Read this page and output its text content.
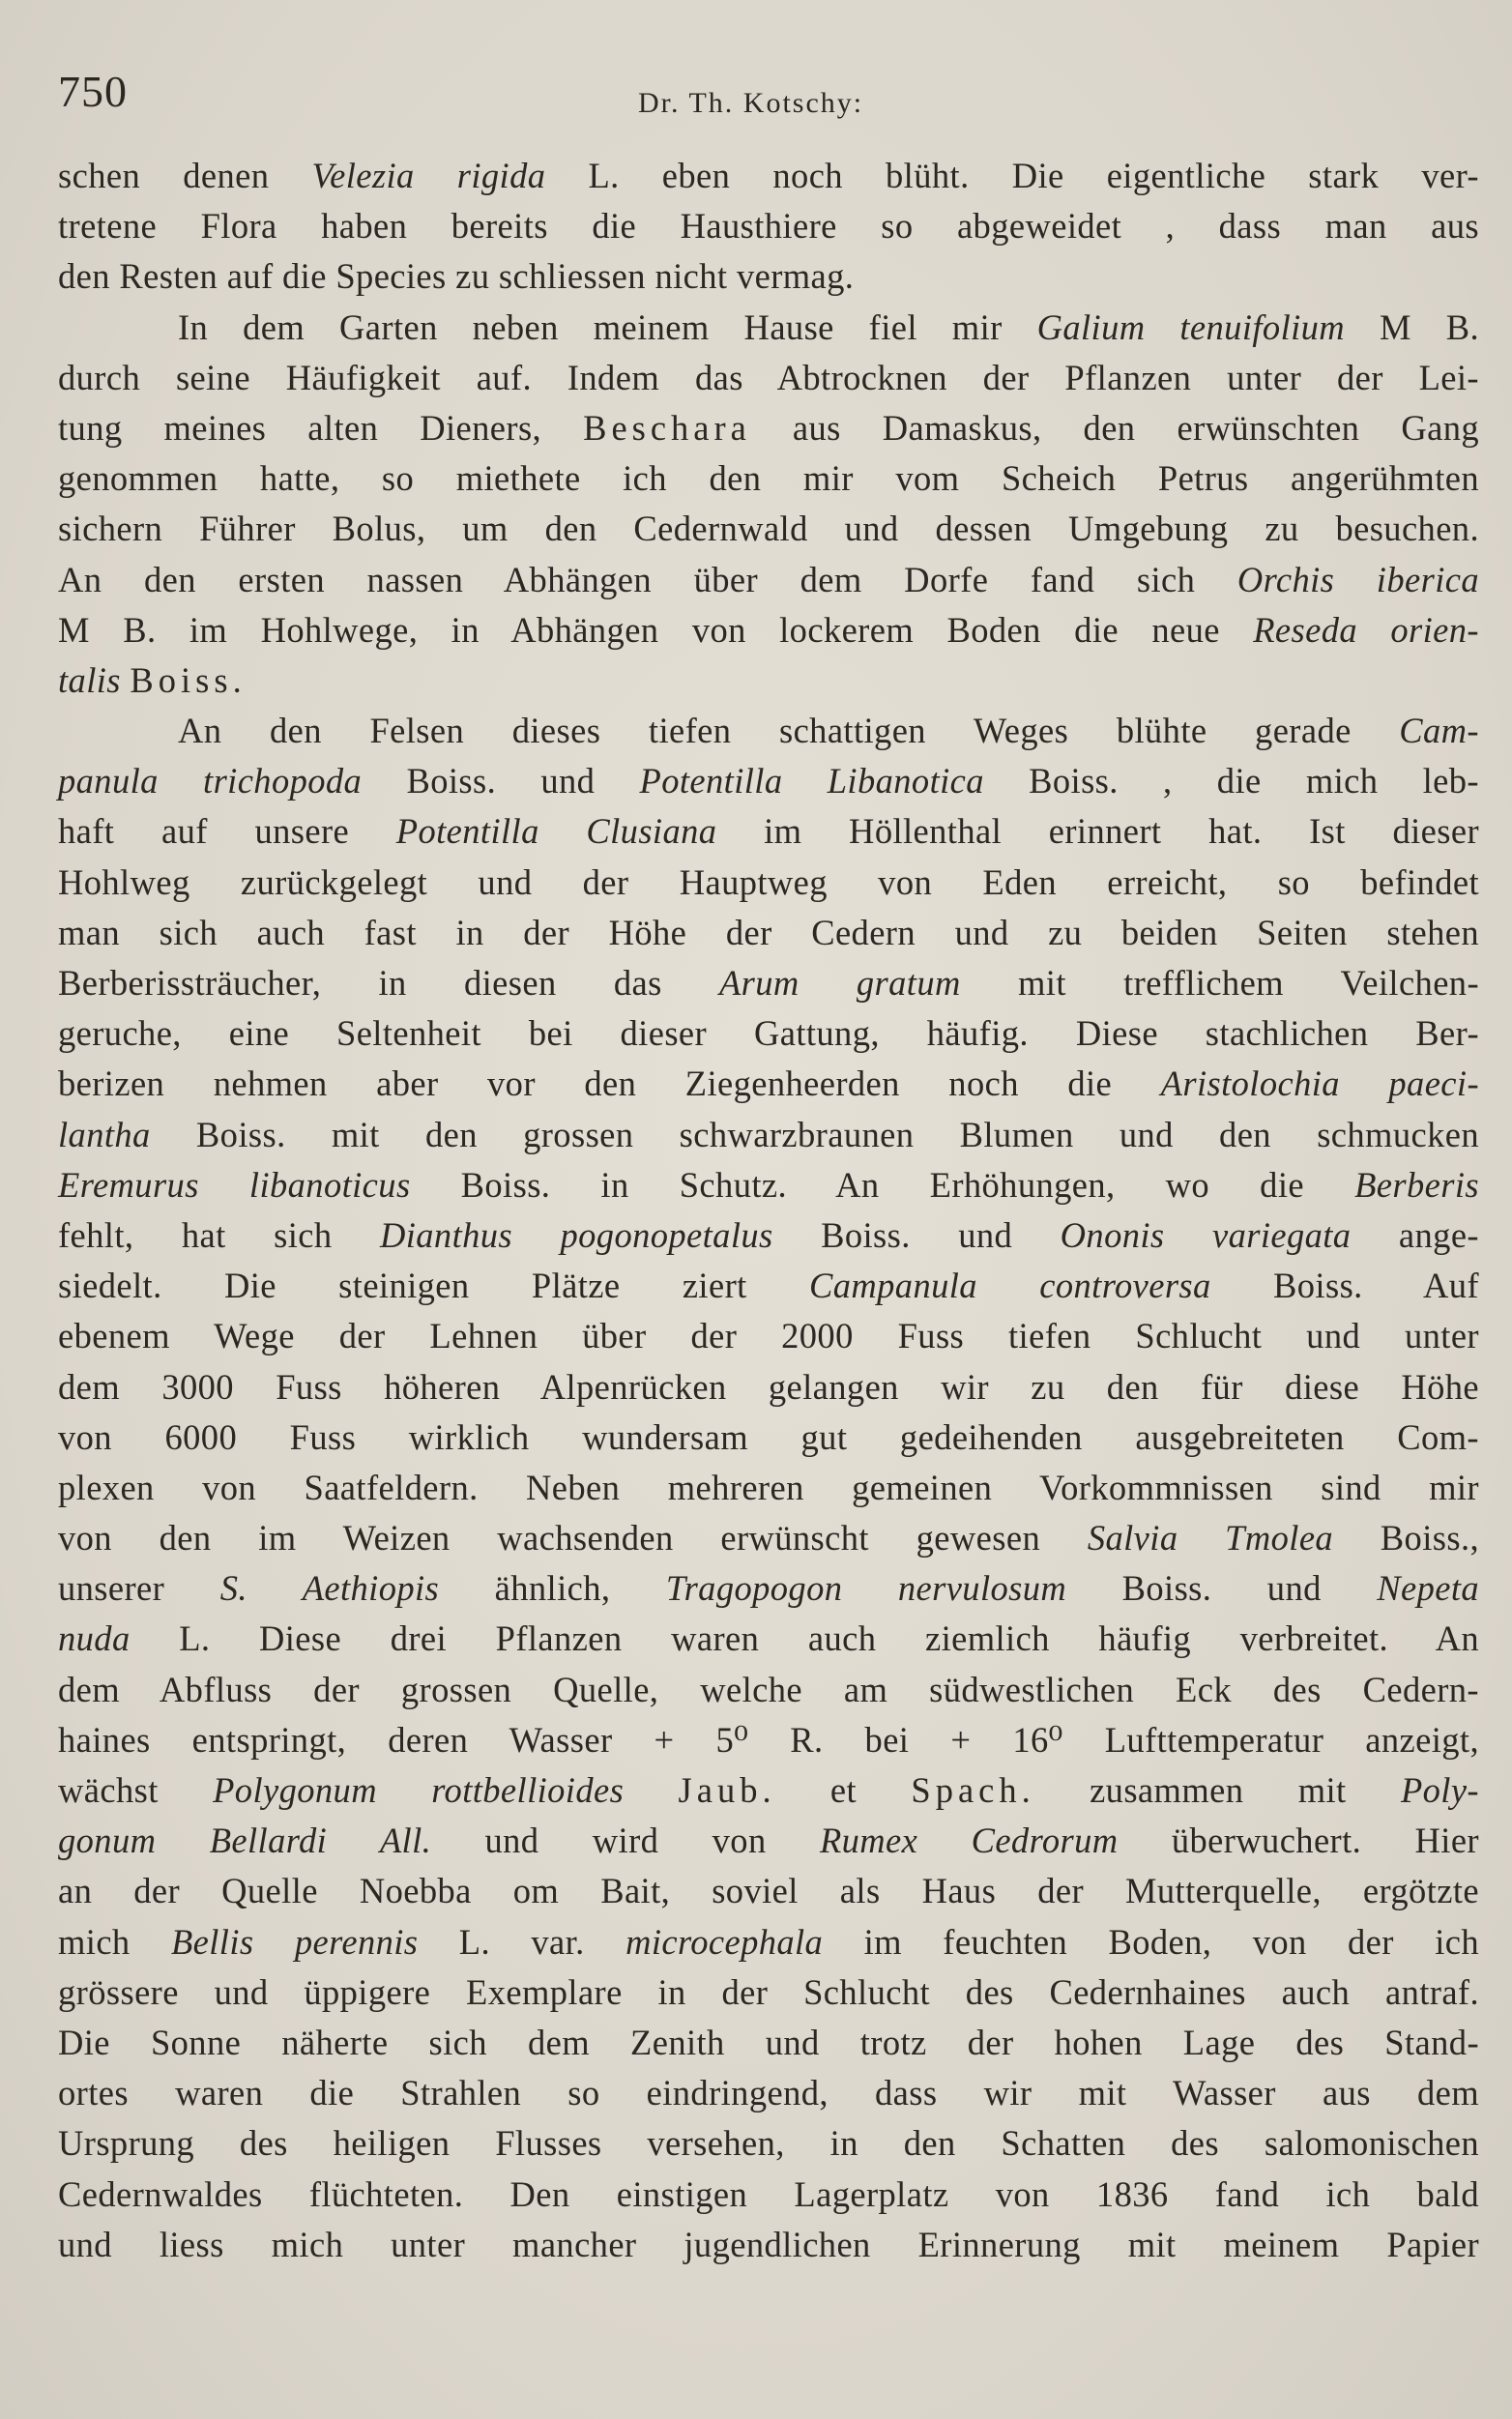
750	Dr. Th. Kotschy:
schen denen Velezia rigida L. eben noch blüht. Die eigentliche stark ver-
tretene Flora haben bereits die Hausthiere so abgeweidet , dass man aus
den Resten auf die Species zu schliessen nicht vermag.
In dem Garten neben meinem Hause fiel mir Galium tenuifolium M B.
durch seine Häufigkeit auf. Indem das Abtrocknen der Pflanzen unter der Lei-
tung meines alten Dieners, Beschara aus Damaskus, den erwünschten Gang
genommen hatte, so miethete ich den mir vom Scheich Petrus angerühmten
sichern Führer Bolus, um den Cedernwald und dessen Umgebung zu besuchen.
An den ersten nassen Abhängen über dem Dorfe fand sich Orchis iberica
M B. im Hohlwege, in Abhängen von lockerem Boden die neue Reseda orien-
talis Boiss.
An den Felsen dieses tiefen schattigen Weges blühte gerade Cam-
panula trichopoda Boiss. und Potentilla Libanotica Boiss. , die mich leb-
haft auf unsere Potentilla Clusiana im Höllenthal erinnert hat. Ist dieser
Hohlweg zurückgelegt und der Hauptweg von Eden erreicht, so befindet
man sich auch fast in der Höhe der Cedern und zu beiden Seiten stehen
Berberissträucher, in diesen das Arum gratum mit trefflichem Veilchen-
geruche, eine Seltenheit bei dieser Gattung, häufig. Diese stachlichen Ber-
berizen nehmen aber vor den Ziegenheerden noch die Aristolochia paeci-
lantha Boiss. mit den grossen schwarzbraunen Blumen und den schmucken
Eremurus libanoticus Boiss. in Schutz. An Erhöhungen, wo die Berberis
fehlt, hat sich Dianthus pogonopetalus Boiss. und Ononis variegata ange-
siedelt. Die steinigen Plätze ziert Campanula controversa Boiss. Auf
ebenem Wege der Lehnen über der 2000 Fuss tiefen Schlucht und unter
dem 3000 Fuss höheren Alpenrücken gelangen wir zu den für diese Höhe
von 6000 Fuss wirklich wundersam gut gedeihenden ausgebreiteten Com-
plexen von Saatfeldern. Neben mehreren gemeinen Vorkommnissen sind mir
von den im Weizen wachsenden erwünscht gewesen Salvia Tmolea Boiss.,
unserer S. Aethiopis ähnlich, Tragopogon nervulosum Boiss. und Nepeta
nuda L. Diese drei Pflanzen waren auch ziemlich häufig verbreitet. An
dem Abfluss der grossen Quelle, welche am südwestlichen Eck des Cedern-
haines entspringt, deren Wasser + 5⁰ R. bei + 16⁰ Lufttemperatur anzeigt,
wächst Polygonum rottbellioides Jaub. et Spach. zusammen mit Poly-
gonum Bellardi All. und wird von Rumex Cedrorum überwuchert. Hier
an der Quelle Noebba om Bait, soviel als Haus der Mutterquelle, ergötzte
mich Bellis perennis L. var. microcephala im feuchten Boden, von der ich
grössere und üppigere Exemplare in der Schlucht des Cedernhaines auch antraf.
Die Sonne näherte sich dem Zenith und trotz der hohen Lage des Stand-
ortes waren die Strahlen so eindringend, dass wir mit Wasser aus dem
Ursprung des heiligen Flusses versehen, in den Schatten des salomonischen
Cedernwaldes flüchteten. Den einstigen Lagerplatz von 1836 fand ich bald
und liess mich unter mancher jugendlichen Erinnerung mit meinem Papier
